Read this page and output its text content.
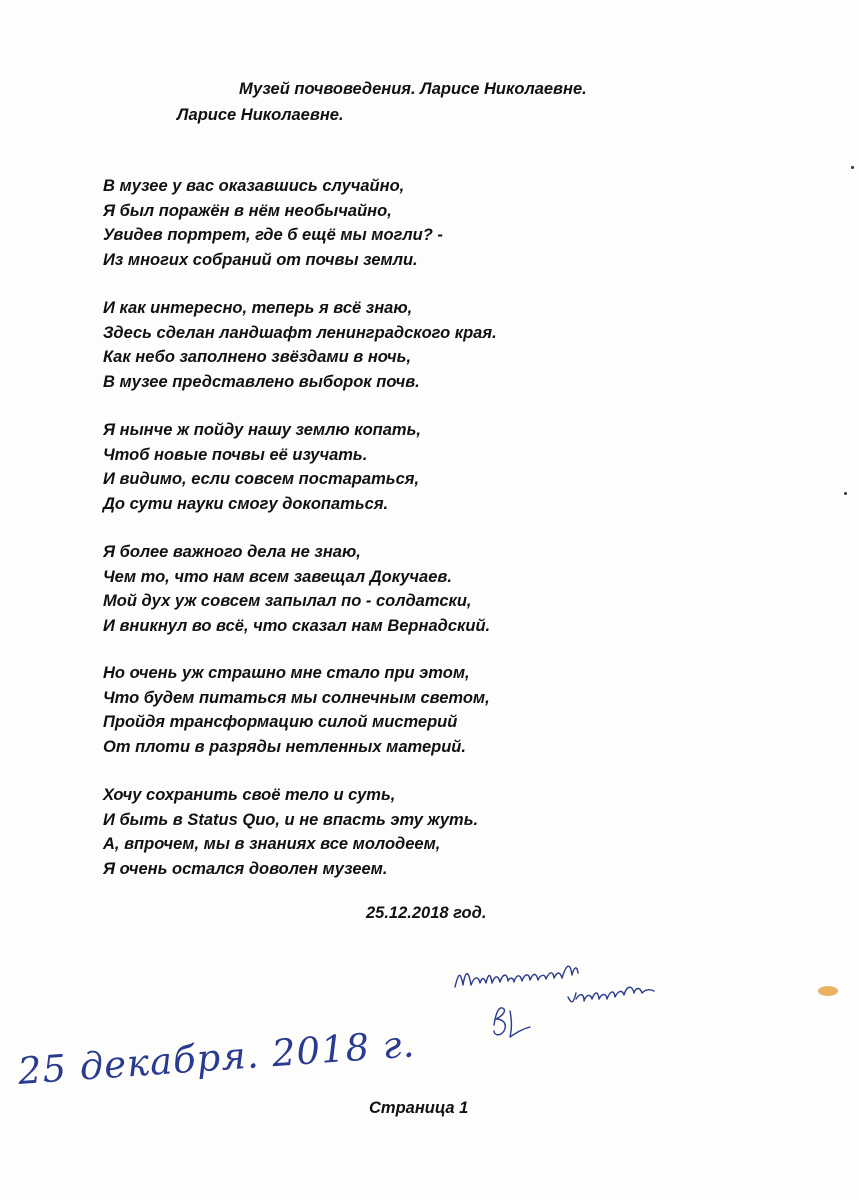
Музей почвоведения. Ларисе Николаевне.
Ларисе Николаевне.
В музее у вас оказавшись случайно,
Я был поражён в нём необычайно,
Увидев портрет, где б ещё мы могли? -
Из многих собраний от почвы земли.
И как интересно, теперь я всё знаю,
Здесь сделан ландшафт ленинградского края.
Как небо заполнено звёздами в ночь,
В музее представлено выборок почв.
Я нынче ж пойду нашу землю копать,
Чтоб новые почвы её изучать.
И видимо, если совсем постараться,
До сути науки смогу докопаться.
Я более важного дела не знаю,
Чем то, что нам всем завещал Докучаев.
Мой дух уж совсем запылал по - солдатски,
И вникнул во всё, что сказал нам Вернадский.
Но очень уж страшно мне стало при этом,
Что будем питаться мы солнечным светом,
Пройдя трансформацию силой мистерий
От плоти в разряды нетленных материй.
Хочу сохранить своё тело и суть,
И быть в Status Quo, и не впасть эту жуть.
А, впрочем, мы в знаниях все молодеем,
Я очень остался доволен музеем.
25.12.2018 год.
25 декабря. 2018 г.
Страница 1
